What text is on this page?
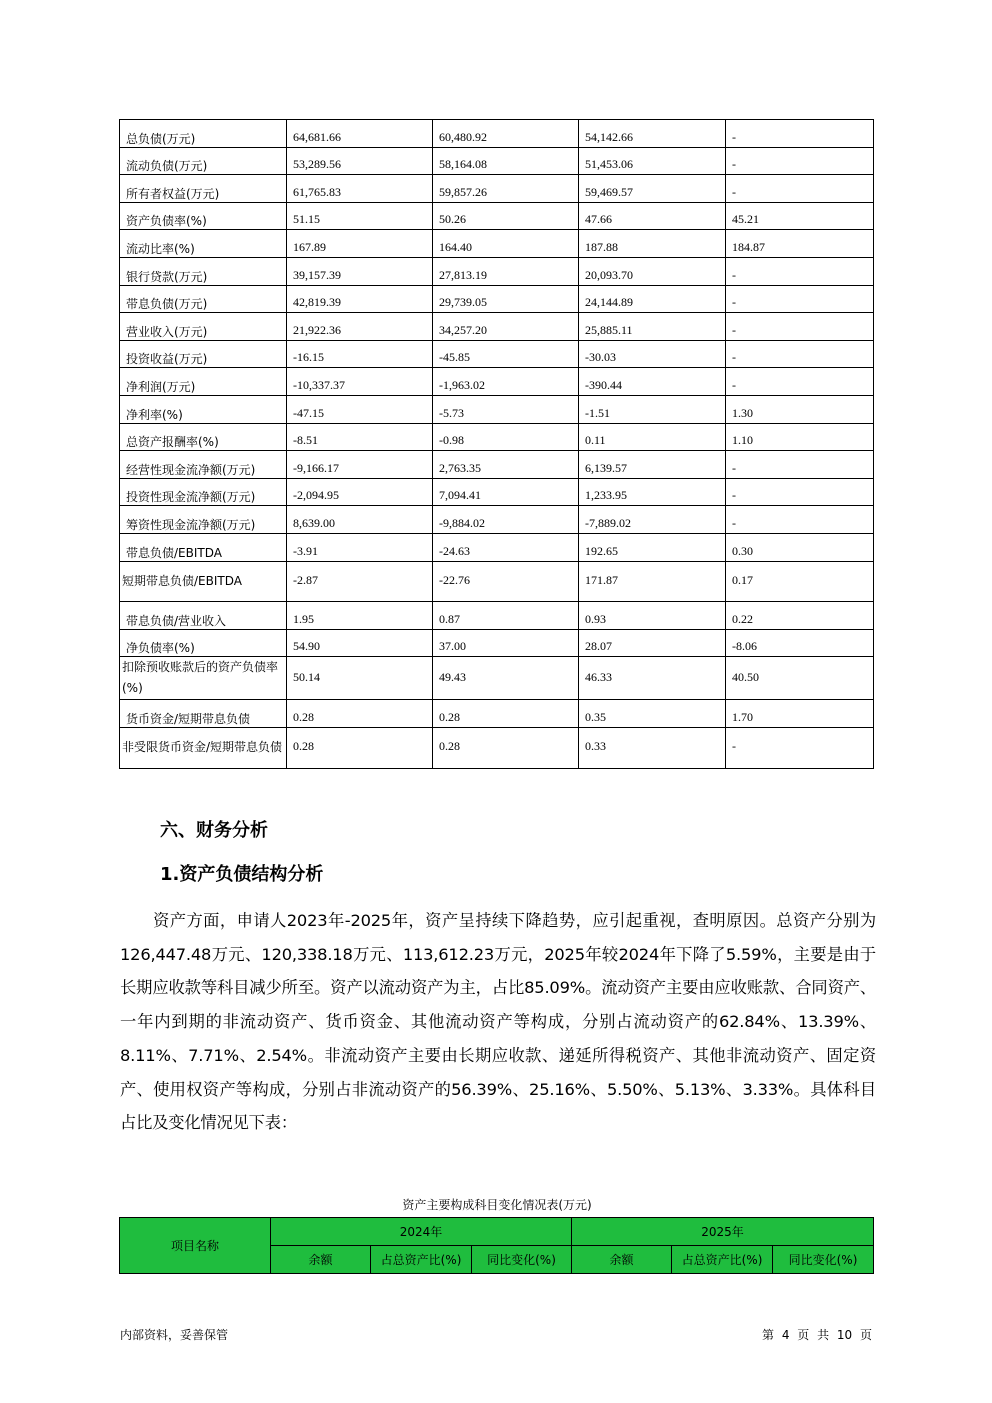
总负债(万元)	64,681.66	60,480.92	54,142.66	-
流动负债(万元)	53,289.56	58,164.08	51,453.06	-
所有者权益(万元)	61,765.83	59,857.26	59,469.57	-
资产负债率(%)	51.15	50.26	47.66	45.21
流动比率(%)	167.89	164.40	187.88	184.87
银行贷款(万元)	39,157.39	27,813.19	20,093.70	-
带息负债(万元)	42,819.39	29,739.05	24,144.89	-
营业收入(万元)	21,922.36	34,257.20	25,885.11	-
投资收益(万元)	-16.15	-45.85	-30.03	-
净利润(万元)	-10,337.37	-1,963.02	-390.44	-
净利率(%)	-47.15	-5.73	-1.51	1.30
总资产报酬率(%)	-8.51	-0.98	0.11	1.10
经营性现金流净额(万元)	-9,166.17	2,763.35	6,139.57	-
投资性现金流净额(万元)	-2,094.95	7,094.41	1,233.95	-
筹资性现金流净额(万元)	8,639.00	-9,884.02	-7,889.02	-
带息负债/EBITDA	-3.91	-24.63	192.65	0.30
短期带息负债/EBITDA	-2.87	-22.76	171.87	0.17
带息负债/营业收入	1.95	0.87	0.93	0.22
净负债率(%)	54.90	37.00	28.07	-8.06
扣除预收账款后的资产负债率(%)	50.14	49.43	46.33	40.50
货币资金/短期带息负债	0.28	0.28	0.35	1.70
非受限货币资金/短期带息负债	0.28	0.28	0.33	-
六、财务分析
1.资产负债结构分析

资产方面，申请人2023年-2025年，资产呈持续下降趋势，应引起重视，查明原因。总资产分别为126,447.48万元、120,338.18万元、113,612.23万元，2025年较2024年下降了5.59%，主要是由于长期应收款等科目减少所至。资产以流动资产为主，占比85.09%。流动资产主要由应收账款、合同资产、一年内到期的非流动资产、货币资金、其他流动资产等构成，分别占流动资产的62.84%、13.39%、8.11%、7.71%、2.54%。非流动资产主要由长期应收款、递延所得税资产、其他非流动资产、固定资产、使用权资产等构成，分别占非流动资产的56.39%、25.16%、5.50%、5.13%、3.33%。具体科目占比及变化情况见下表：

资产主要构成科目变化情况表(万元)
项目名称	2024年			2025年		
	余额	占总资产比(%)	同比变化(%)	余额	占总资产比(%)	同比变化(%)
内部资料，妥善保管	第 4 页 共 10 页
